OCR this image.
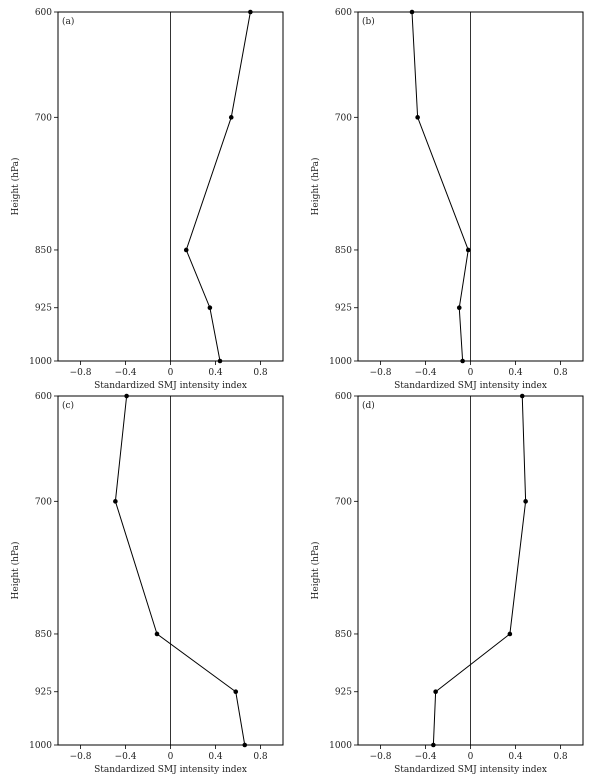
−0.8	−0.4	0	0.4	0.8
600
700
850
925
1000
Standardized SMJ intensity index
Height (hPa)
(a)
−0.8	−0.4	0	0.4	0.8
600
700
850
925
1000
Standardized SMJ intensity index
Height (hPa)
(b)
−0.8	−0.4	0	0.4	0.8
600
700
850
925
1000
Standardized SMJ intensity index
Height (hPa)
(c)
−0.8	−0.4	0	0.4	0.8
600
700
850
925
1000
Standardized SMJ intensity index
Height (hPa)
(d)
